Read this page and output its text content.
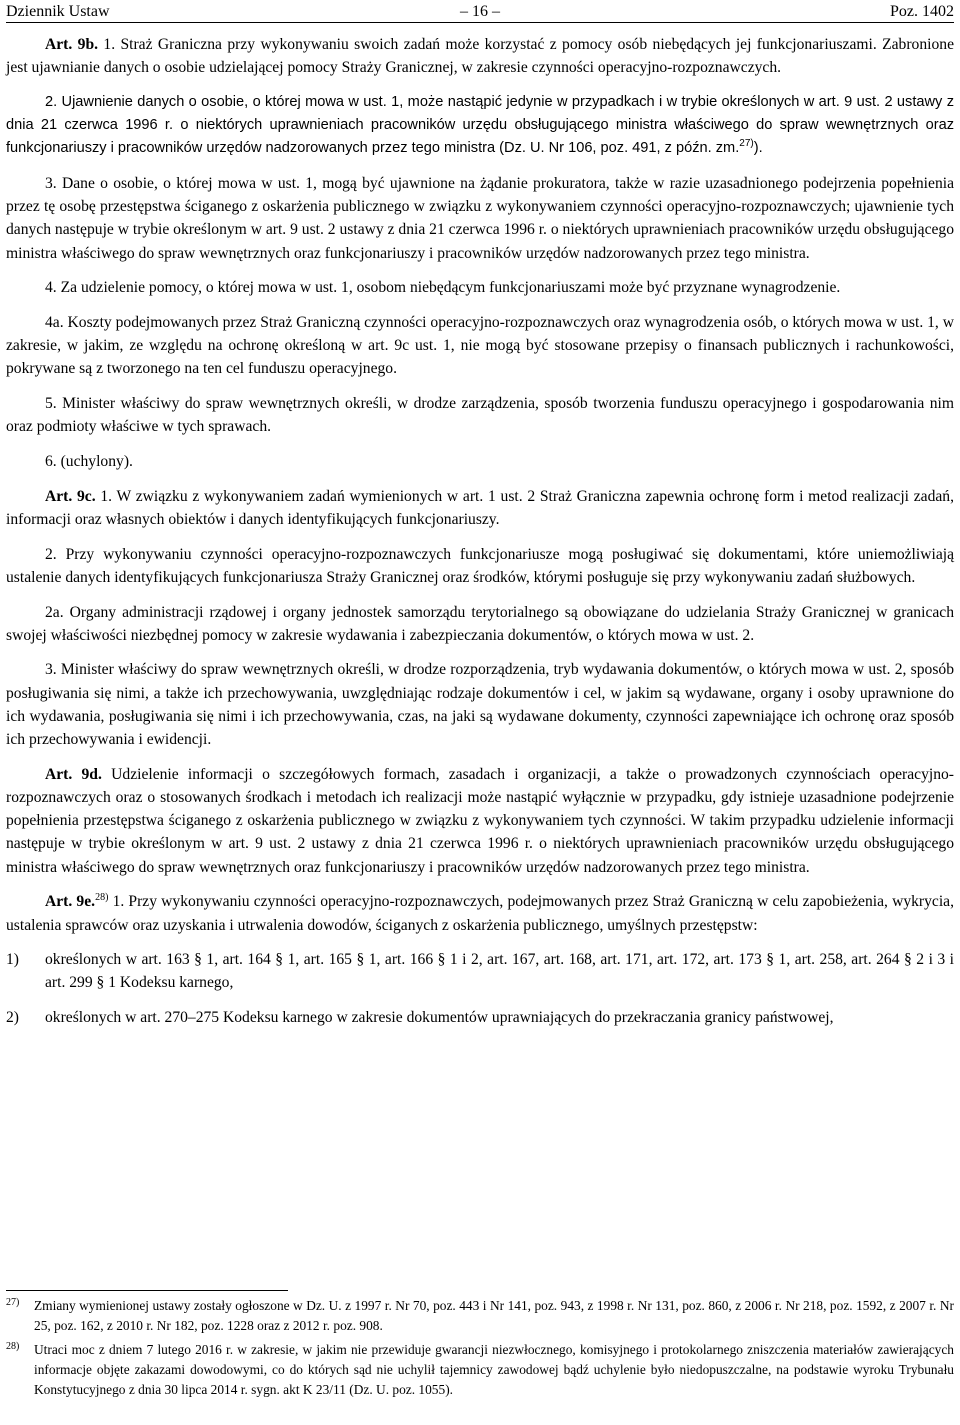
Dziennik Ustaw	– 16 –	Poz. 1402

Art. 9b. 1. Straż Graniczna przy wykonywaniu swoich zadań może korzystać z pomocy osób niebędących jej funkcjonariuszami. Zabronione jest ujawnianie danych o osobie udzielającej pomocy Straży Granicznej, w zakresie czynności operacyjno-rozpoznawczych.

2. Ujawnienie danych o osobie, o której mowa w ust. 1, może nastąpić jedynie w przypadkach i w trybie określonych w art. 9 ust. 2 ustawy z dnia 21 czerwca 1996 r. o niektórych uprawnieniach pracowników urzędu obsługującego ministra właściwego do spraw wewnętrznych oraz funkcjonariuszy i pracowników urzędów nadzorowanych przez tego ministra (Dz. U. Nr 106, poz. 491, z późn. zm.$^{27)}$).

3. Dane o osobie, o której mowa w ust. 1, mogą być ujawnione na żądanie prokuratora, także w razie uzasadnionego podejrzenia popełnienia przez tę osobę przestępstwa ściganego z oskarżenia publicznego w związku z wykonywaniem czynności operacyjno-rozpoznawczych; ujawnienie tych danych następuje w trybie określonym w art. 9 ust. 2 ustawy z dnia 21 czerwca 1996 r. o niektórych uprawnieniach pracowników urzędu obsługującego ministra właściwego do spraw wewnętrznych oraz funkcjonariuszy i pracowników urzędów nadzorowanych przez tego ministra.

4. Za udzielenie pomocy, o której mowa w ust. 1, osobom niebędącym funkcjonariuszami może być przyznane wynagrodzenie.

4a. Koszty podejmowanych przez Straż Graniczną czynności operacyjno-rozpoznawczych oraz wynagrodzenia osób, o których mowa w ust. 1, w zakresie, w jakim, ze względu na ochronę określoną w art. 9c ust. 1, nie mogą być stosowane przepisy o finansach publicznych i rachunkowości, pokrywane są z tworzonego na ten cel funduszu operacyjnego.

5. Minister właściwy do spraw wewnętrznych określi, w drodze zarządzenia, sposób tworzenia funduszu operacyjnego i gospodarowania nim oraz podmioty właściwe w tych sprawach.

6. (uchylony).

Art. 9c. 1. W związku z wykonywaniem zadań wymienionych w art. 1 ust. 2 Straż Graniczna zapewnia ochronę form i metod realizacji zadań, informacji oraz własnych obiektów i danych identyfikujących funkcjonariuszy.

2. Przy wykonywaniu czynności operacyjno-rozpoznawczych funkcjonariusze mogą posługiwać się dokumentami, które uniemożliwiają ustalenie danych identyfikujących funkcjonariusza Straży Granicznej oraz środków, którymi posługuje się przy wykonywaniu zadań służbowych.

2a. Organy administracji rządowej i organy jednostek samorządu terytorialnego są obowiązane do udzielania Straży Granicznej w granicach swojej właściwości niezbędnej pomocy w zakresie wydawania i zabezpieczania dokumentów, o których mowa w ust. 2.

3. Minister właściwy do spraw wewnętrznych określi, w drodze rozporządzenia, tryb wydawania dokumentów, o których mowa w ust. 2, sposób posługiwania się nimi, a także ich przechowywania, uwzględniając rodzaje dokumentów i cel, w jakim są wydawane, organy i osoby uprawnione do ich wydawania, posługiwania się nimi i ich przechowywania, czas, na jaki są wydawane dokumenty, czynności zapewniające ich ochronę oraz sposób ich przechowywania i ewidencji.

Art. 9d. Udzielenie informacji o szczegółowych formach, zasadach i organizacji, a także o prowadzonych czynnościach operacyjno-rozpoznawczych oraz o stosowanych środkach i metodach ich realizacji może nastąpić wyłącznie w przypadku, gdy istnieje uzasadnione podejrzenie popełnienia przestępstwa ściganego z oskarżenia publicznego w związku z wykonywaniem tych czynności. W takim przypadku udzielenie informacji następuje w trybie określonym w art. 9 ust. 2 ustawy z dnia 21 czerwca 1996 r. o niektórych uprawnieniach pracowników urzędu obsługującego ministra właściwego do spraw wewnętrznych oraz funkcjonariuszy i pracowników urzędów nadzorowanych przez tego ministra.

Art. 9e.$^{28)}$ 1. Przy wykonywaniu czynności operacyjno-rozpoznawczych, podejmowanych przez Straż Graniczną w celu zapobieżenia, wykrycia, ustalenia sprawców oraz uzyskania i utrwalenia dowodów, ściganych z oskarżenia publicznego, umyślnych przestępstw:

1)	określonych w art. 163 § 1, art. 164 § 1, art. 165 § 1, art. 166 § 1 i 2, art. 167, art. 168, art. 171, art. 172, art. 173 § 1, art. 258, art. 264 § 2 i 3 i art. 299 § 1 Kodeksu karnego,
2)	określonych w art. 270–275 Kodeksu karnego w zakresie dokumentów uprawniających do przekraczania granicy państwowej,
27)	Zmiany wymienionej ustawy zostały ogłoszone w Dz. U. z 1997 r. Nr 70, poz. 443 i Nr 141, poz. 943, z 1998 r. Nr 131, poz. 860, z 2006 r. Nr 218, poz. 1592, z 2007 r. Nr 25, poz. 162, z 2010 r. Nr 182, poz. 1228 oraz z 2012 r. poz. 908.
28)	Utraci moc z dniem 7 lutego 2016 r. w zakresie, w jakim nie przewiduje gwarancji niezwłocznego, komisyjnego i protokolarnego zniszczenia materiałów zawierających informacje objęte zakazami dowodowymi, co do których sąd nie uchylił tajemnicy zawodowej bądź uchylenie było niedopuszczalne, na podstawie wyroku Trybunału Konstytucyjnego z dnia 30 lipca 2014 r. sygn. akt K 23/11 (Dz. U. poz. 1055).
